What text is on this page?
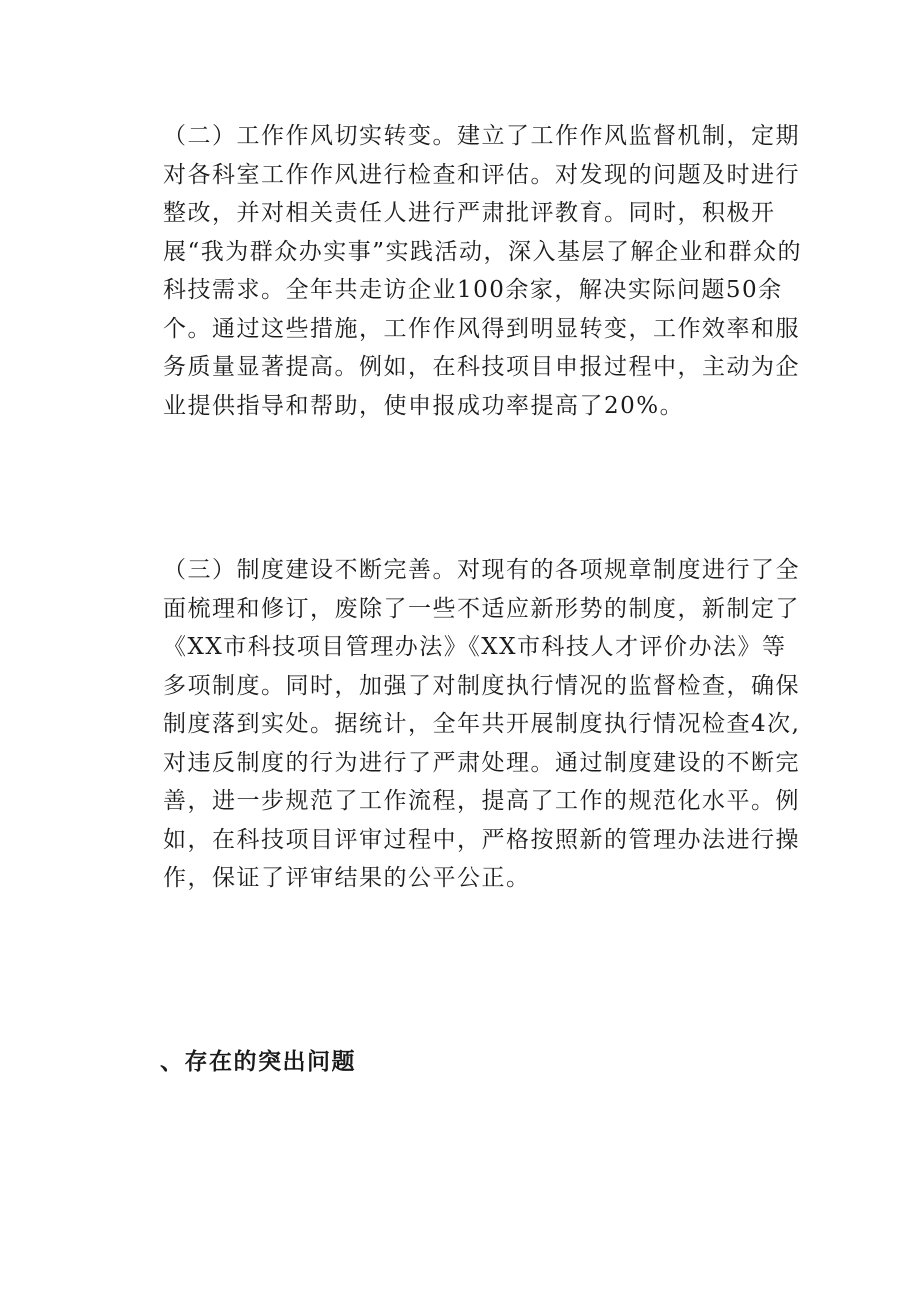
（二）工作作风切实转变。建立了工作作风监督机制，定期对各科室工作作风进行检查和评估。对发现的问题及时进行整改，并对相关责任人进行严肃批评教育。同时，积极开展“我为群众办实事”实践活动，深入基层了解企业和群众的科技需求。全年共走访企业100余家，解决实际问题50余个。通过这些措施，工作作风得到明显转变，工作效率和服务质量显著提高。例如，在科技项目申报过程中，主动为企业提供指导和帮助，使申报成功率提高了20%。

（三）制度建设不断完善。对现有的各项规章制度进行了全面梳理和修订，废除了一些不适应新形势的制度，新制定了《XX市科技项目管理办法》《XX市科技人才评价办法》等多项制度。同时，加强了对制度执行情况的监督检查，确保制度落到实处。据统计，全年共开展制度执行情况检查4次,对违反制度的行为进行了严肃处理。通过制度建设的不断完善，进一步规范了工作流程，提高了工作的规范化水平。例如，在科技项目评审过程中，严格按照新的管理办法进行操作，保证了评审结果的公平公正。

、存在的突出问题
